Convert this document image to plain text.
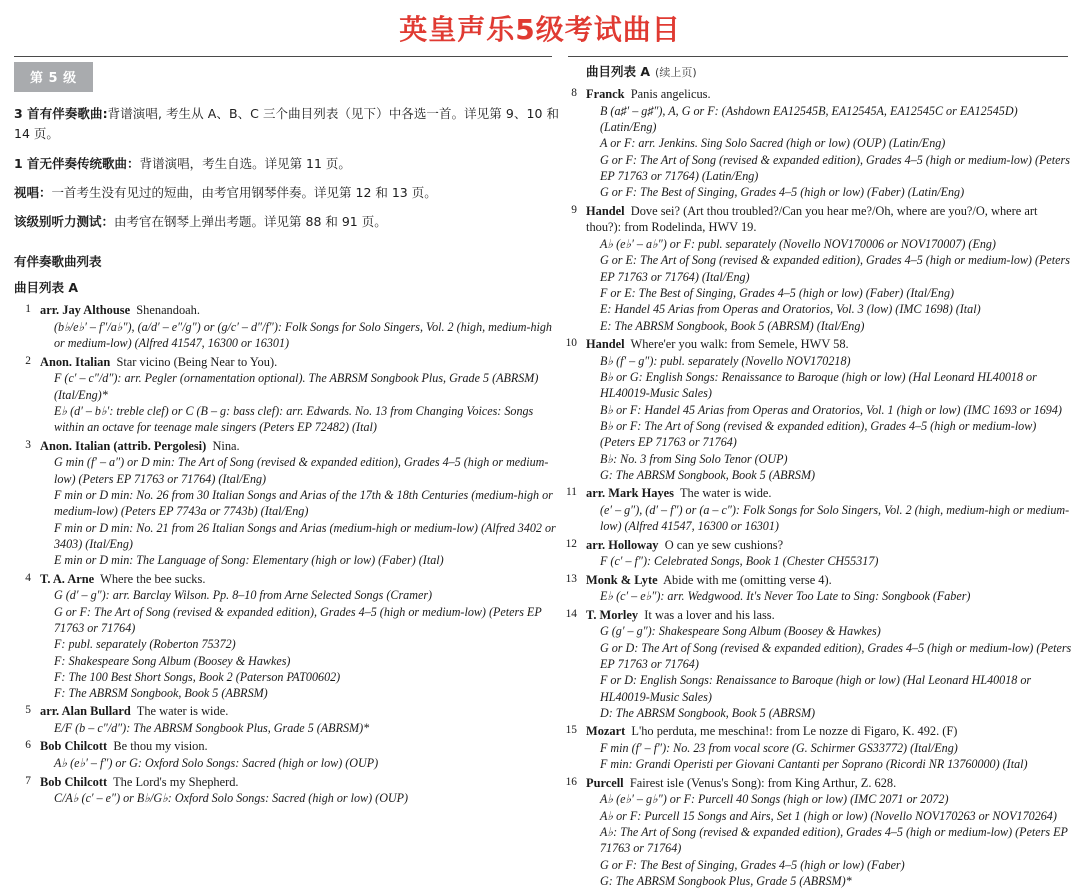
英皇声乐5级考试曲目
第 5 级

3 首有伴奏歌曲:背谱演唱, 考生从 A、B、C 三个曲目列表（见下）中各选一首。详见第 9、10 和 14 页。

1 首无伴奏传统歌曲：背谱演唱，考生自选。详见第 11 页。

视唱：一首考生没有见过的短曲，由考官用钢琴伴奏。详见第 12 和 13 页。

该级别听力测试：由考官在钢琴上弹出考题。详见第 88 和 91 页。

有伴奏歌曲列表
曲目列表 A
1 arr. Jay Althouse Shenandoah.
(b♭/e♭′ – f″/a♭″), (a/d′ – e″/g″) or (g/c′ – d″/f″): Folk Songs for Solo Singers, Vol. 2 (high, medium-high or medium-low) (Alfred 41547, 16300 or 16301)
2 Anon. Italian Star vicino (Being Near to You).
F (c′ – c″/d″): arr. Pegler (ornamentation optional). The ABRSM Songbook Plus, Grade 5 (ABRSM) (Ital/Eng)*
E♭ (d′ – b♭′: treble clef) or C (B – g: bass clef): arr. Edwards. No. 13 from Changing Voices: Songs within an octave for teenage male singers (Peters EP 72482) (Ital)
3 Anon. Italian (attrib. Pergolesi) Nina.
G min (f′ – a″) or D min: The Art of Song (revised & expanded edition), Grades 4–5 (high or medium-low) (Peters EP 71763 or 71764) (Ital/Eng)
F min or D min: No. 26 from 30 Italian Songs and Arias of the 17th & 18th Centuries (medium-high or medium-low) (Peters EP 7743a or 7743b) (Ital/Eng)
F min or D min: No. 21 from 26 Italian Songs and Arias (medium-high or medium-low) (Alfred 3402 or 3403) (Ital/Eng)
E min or D min: The Language of Song: Elementary (high or low) (Faber) (Ital)
4 T. A. Arne Where the bee sucks.
G (d′ – g″): arr. Barclay Wilson. Pp. 8–10 from Arne Selected Songs (Cramer)
G or F: The Art of Song (revised & expanded edition), Grades 4–5 (high or medium-low) (Peters EP 71763 or 71764)
F: publ. separately (Roberton 75372)
F: Shakespeare Song Album (Boosey & Hawkes)
F: The 100 Best Short Songs, Book 2 (Paterson PAT00602)
F: The ABRSM Songbook, Book 5 (ABRSM)
5 arr. Alan Bullard The water is wide.
E/F (b – c″/d″): The ABRSM Songbook Plus, Grade 5 (ABRSM)*
6 Bob Chilcott Be thou my vision.
A♭ (e♭′ – f″) or G: Oxford Solo Songs: Sacred (high or low) (OUP)
7 Bob Chilcott The Lord's my Shepherd.
C/A♭ (c′ – e″) or B♭/G♭: Oxford Solo Songs: Sacred (high or low) (OUP)
曲目列表 A (续上页)
8 Franck Panis angelicus.
B (a♯′ – g♯″), A, G or F: (Ashdown EA12545B, EA12545A, EA12545C or EA12545D) (Latin/Eng)
A or F: arr. Jenkins. Sing Solo Sacred (high or low) (OUP) (Latin/Eng)
G or F: The Art of Song (revised & expanded edition), Grades 4–5 (high or medium-low) (Peters EP 71763 or 71764) (Latin/Eng)
G or F: The Best of Singing, Grades 4–5 (high or low) (Faber) (Latin/Eng)
9 Handel Dove sei? (Art thou troubled?/Can you hear me?/Oh, where are you?/O, where art thou?): from Rodelinda, HWV 19.
A♭ (e♭′ – a♭″) or F: publ. separately (Novello NOV170006 or NOV170007) (Eng)
G or E: The Art of Song (revised & expanded edition), Grades 4–5 (high or medium-low) (Peters EP 71763 or 71764) (Ital/Eng)
F or E: The Best of Singing, Grades 4–5 (high or low) (Faber) (Ital/Eng)
E: Handel 45 Arias from Operas and Oratorios, Vol. 3 (low) (IMC 1698) (Ital)
E: The ABRSM Songbook, Book 5 (ABRSM) (Ital/Eng)
10 Handel Where'er you walk: from Semele, HWV 58.
B♭ (f′ – g″): publ. separately (Novello NOV170218)
B♭ or G: English Songs: Renaissance to Baroque (high or low) (Hal Leonard HL40018 or HL40019-Music Sales)
B♭ or F: Handel 45 Arias from Operas and Oratorios, Vol. 1 (high or low) (IMC 1693 or 1694)
B♭ or F: The Art of Song (revised & expanded edition), Grades 4–5 (high or medium-low) (Peters EP 71763 or 71764)
B♭: No. 3 from Sing Solo Tenor (OUP)
G: The ABRSM Songbook, Book 5 (ABRSM)
11 arr. Mark Hayes The water is wide.
(e′ – g″), (d′ – f″) or (a – c″): Folk Songs for Solo Singers, Vol. 2 (high, medium-high or medium-low) (Alfred 41547, 16300 or 16301)
12 arr. Holloway O can ye sew cushions?
F (c′ – f″): Celebrated Songs, Book 1 (Chester CH55317)
13 Monk & Lyte Abide with me (omitting verse 4).
E♭ (c′ – e♭″): arr. Wedgwood. It's Never Too Late to Sing: Songbook (Faber)
14 T. Morley It was a lover and his lass.
G (g′ – g″): Shakespeare Song Album (Boosey & Hawkes)
G or D: The Art of Song (revised & expanded edition), Grades 4–5 (high or medium-low) (Peters EP 71763 or 71764)
F or D: English Songs: Renaissance to Baroque (high or low) (Hal Leonard HL40018 or HL40019-Music Sales)
D: The ABRSM Songbook, Book 5 (ABRSM)
15 Mozart L'ho perduta, me meschina!: from Le nozze di Figaro, K. 492. (F)
F min (f′ – f″): No. 23 from vocal score (G. Schirmer GS33772) (Ital/Eng)
F min: Grandi Operisti per Giovani Cantanti per Soprano (Ricordi NR 13760000) (Ital)
16 Purcell Fairest isle (Venus's Song): from King Arthur, Z. 628.
A♭ (e♭′ – g♭″) or F: Purcell 40 Songs (high or low) (IMC 2071 or 2072)
A♭ or F: Purcell 15 Songs and Airs, Set 1 (high or low) (Novello NOV170263 or NOV170264)
A♭: The Art of Song (revised & expanded edition), Grades 4–5 (high or medium-low) (Peters EP 71763 or 71764)
G or F: The Best of Singing, Grades 4–5 (high or low) (Faber)
G: The ABRSM Songbook Plus, Grade 5 (ABRSM)*
